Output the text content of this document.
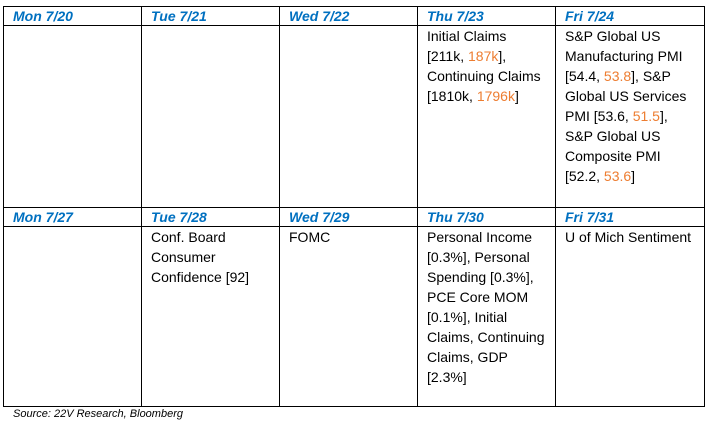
Mon 7/20	Tue 7/21	Wed 7/22	Thu 7/23	Fri 7/24
			Initial Claims [211k, 187k], Continuing Claims [1810k, 1796k]	S&P Global US Manufacturing PMI [54.4, 53.8], S&P Global US Services PMI [53.6, 51.5], S&P Global US Composite PMI [52.2, 53.6]
Mon 7/27	Tue 7/28	Wed 7/29	Thu 7/30	Fri 7/31
	Conf. Board Consumer Confidence [92]	FOMC	Personal Income [0.3%], Personal Spending [0.3%], PCE Core MOM [0.1%], Initial Claims, Continuing Claims, GDP [2.3%]	U of Mich Sentiment
Source: 22V Research, Bloomberg
